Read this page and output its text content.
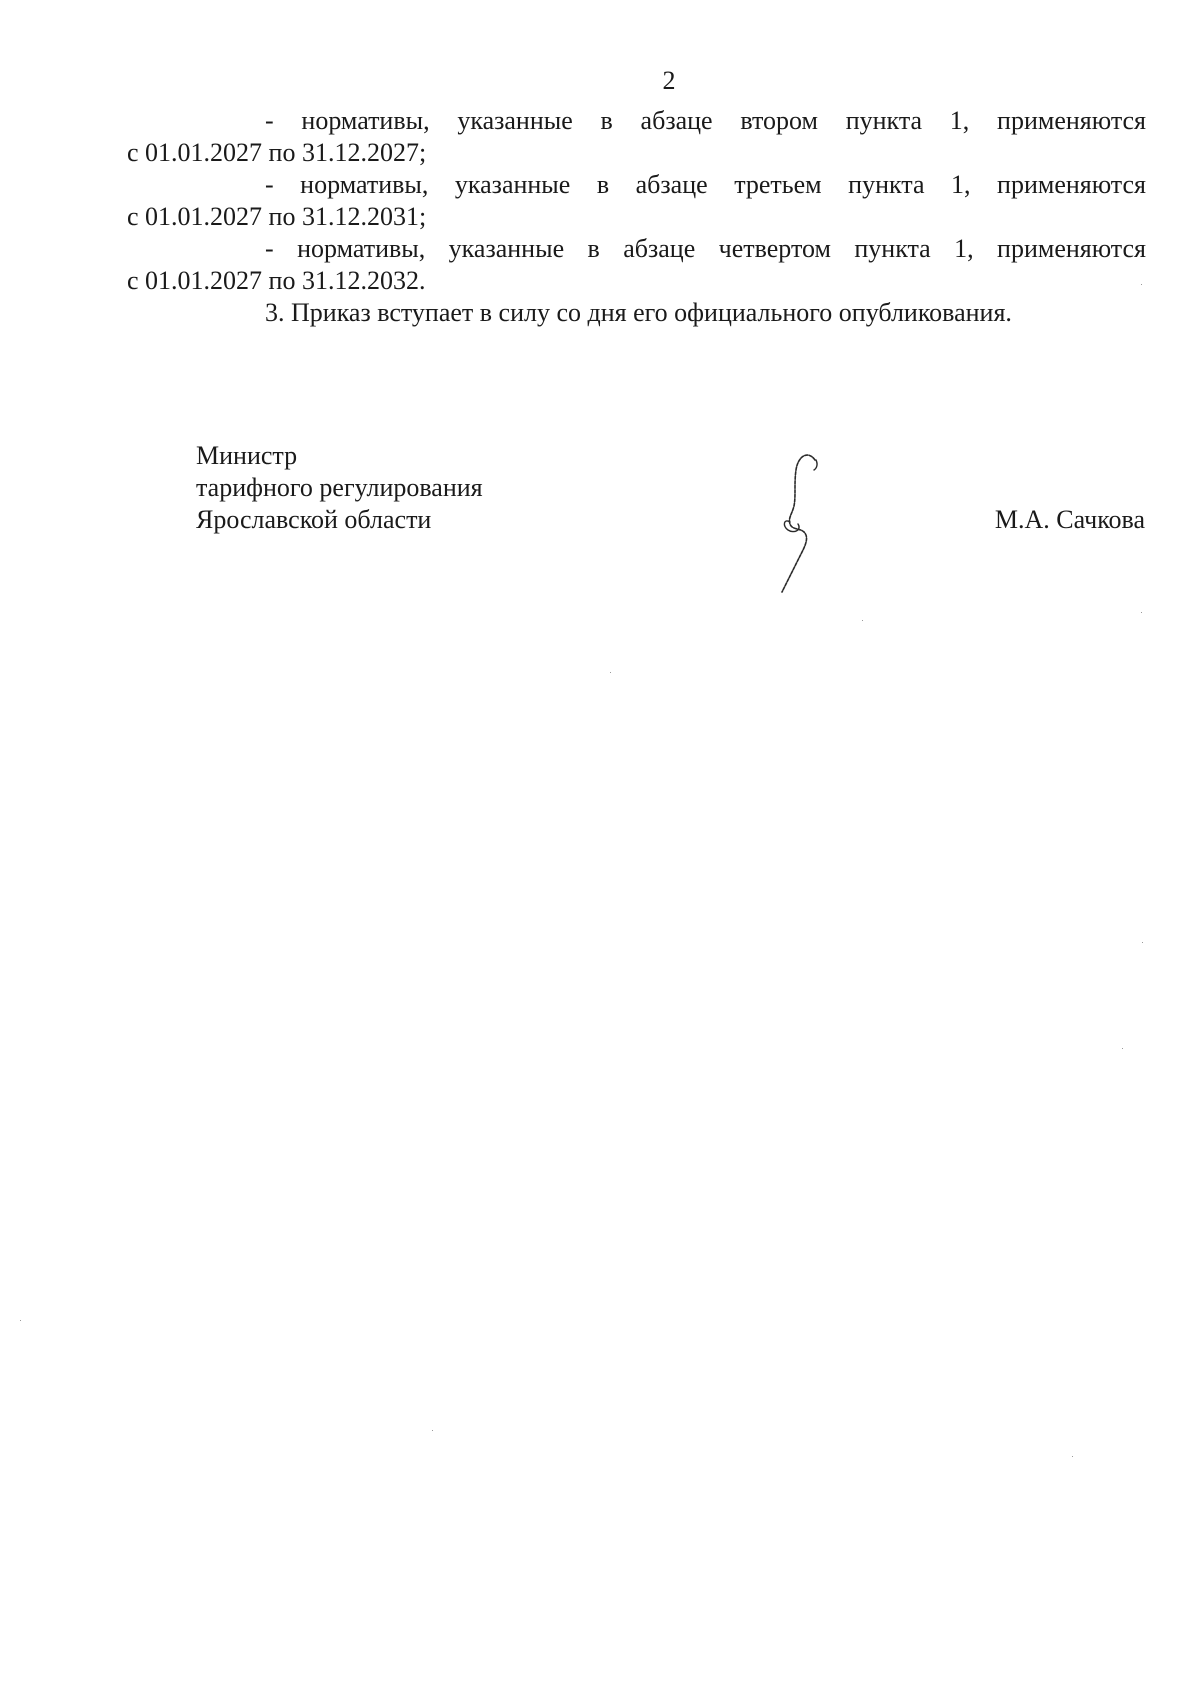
2

- нормативы, указанные в абзаце втором пункта 1, применяются
с 01.01.2027 по 31.12.2027;

- нормативы, указанные в абзаце третьем пункта 1, применяются
с 01.01.2027 по 31.12.2031;

- нормативы, указанные в абзаце четвертом пункта 1, применяются
с 01.01.2027 по 31.12.2032.

3. Приказ вступает в силу со дня его официального опубликования.

Министр
тарифного регулирования
Ярославской области	М.А. Сачкова
